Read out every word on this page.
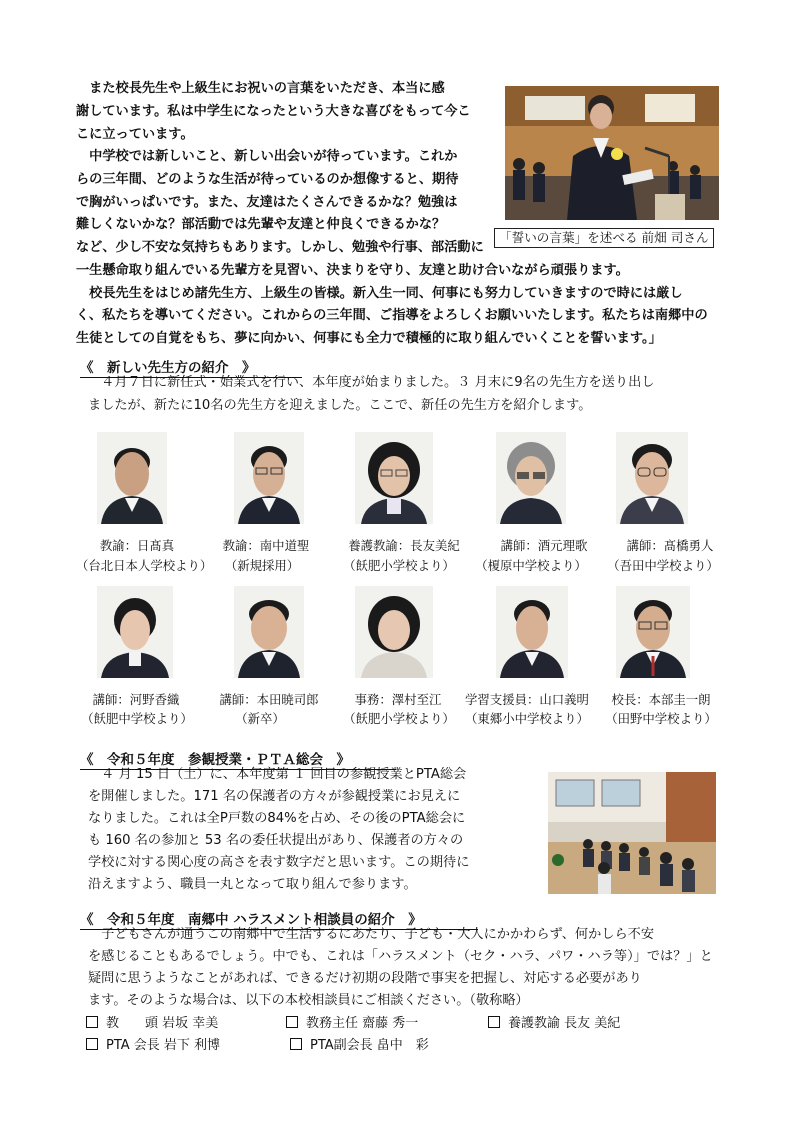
　また校長先生や上級生にお祝いの言葉をいただき、本当に感
謝しています。私は中学生になったという大きな喜びをもって今こ
こに立っています。
　中学校では新しいこと、新しい出会いが待っています。これか
らの三年間、どのような生活が待っているのか想像すると、期待
で胸がいっぱいです。また、友達はたくさんできるかな？勉強は
難しくないかな？部活動では先輩や友達と仲良くできるかな？
など、少し不安な気持ちもあります。しかし、勉強や行事、部活動に
一生懸命取り組んでいる先輩方を見習い、決まりを守り、友達と助け合いながら頑張ります。
　校長先生をはじめ諸先生方、上級生の皆様。新入生一同、何事にも努力していきますので時には厳し
く、私たちを導いてください。これからの三年間、ご指導をよろしくお願いいたします。私たちは南郷中の
生徒としての自覚をもち、夢に向かい、何事にも全力で積極的に取り組んでいくことを誓います。」
「誓いの言葉」を述べる 前畑 司さん
《　新しい先生方の紹介　》
　４月７日に新任式・始業式を行い、本年度が始まりました。３ 月末に9名の先生方を送り出し
ましたが、新たに10名の先生方を迎えました。ここで、新任の先生方を紹介します。
教諭：日髙真
（台北日本人学校より）
教諭：南中道聖
（新規採用）
養護教諭：長友美紀
（飫肥小学校より）
講師：酒元理歌
（榎原中学校より）
講師：髙橋勇人
（吾田中学校より）
講師：河野香織
（飫肥中学校より）
講師：本田暁司郎
（新卒）
事務：澤村至江
（飫肥小学校より）
学習支援員：山口義明
（東郷小中学校より）
校長：本部圭一朗
（田野中学校より）
《　令和５年度　参観授業・ＰＴＡ総会　》
　４ 月 15 日（土）に、本年度第 １ 回目の参観授業とPTA総会
を開催しました。171 名の保護者の方々が参観授業にお見えに
なりました。これは全P戸数の84%を占め、その後のPTA総会に
も 160 名の参加と 53 名の委任状提出があり、保護者の方々の
学校に対する関心度の高さを表す数字だと思います。この期待に
沿えますよう、職員一丸となって取り組んで参ります。
《　令和５年度　南郷中 ハラスメント相談員の紹介　》
　子どもさんが通うこの南郷中で生活するにあたり、子ども・大人にかかわらず、何かしら不安
を感じることもあるでしょう。中でも、これは「ハラスメント（セク・ハラ、パワ・ハラ等）」では？」と
疑問に思うようなことがあれば、できるだけ初期の段階で事実を把握し、対応する必要があり
ます。そのような場合は、以下の本校相談員にご相談ください。（敬称略）
教　　頭 岩坂 幸美	教務主任 齋藤 秀一	養護教諭 長友 美紀
PTA 会長 岩下 利博	PTA副会長 畠中　彩
